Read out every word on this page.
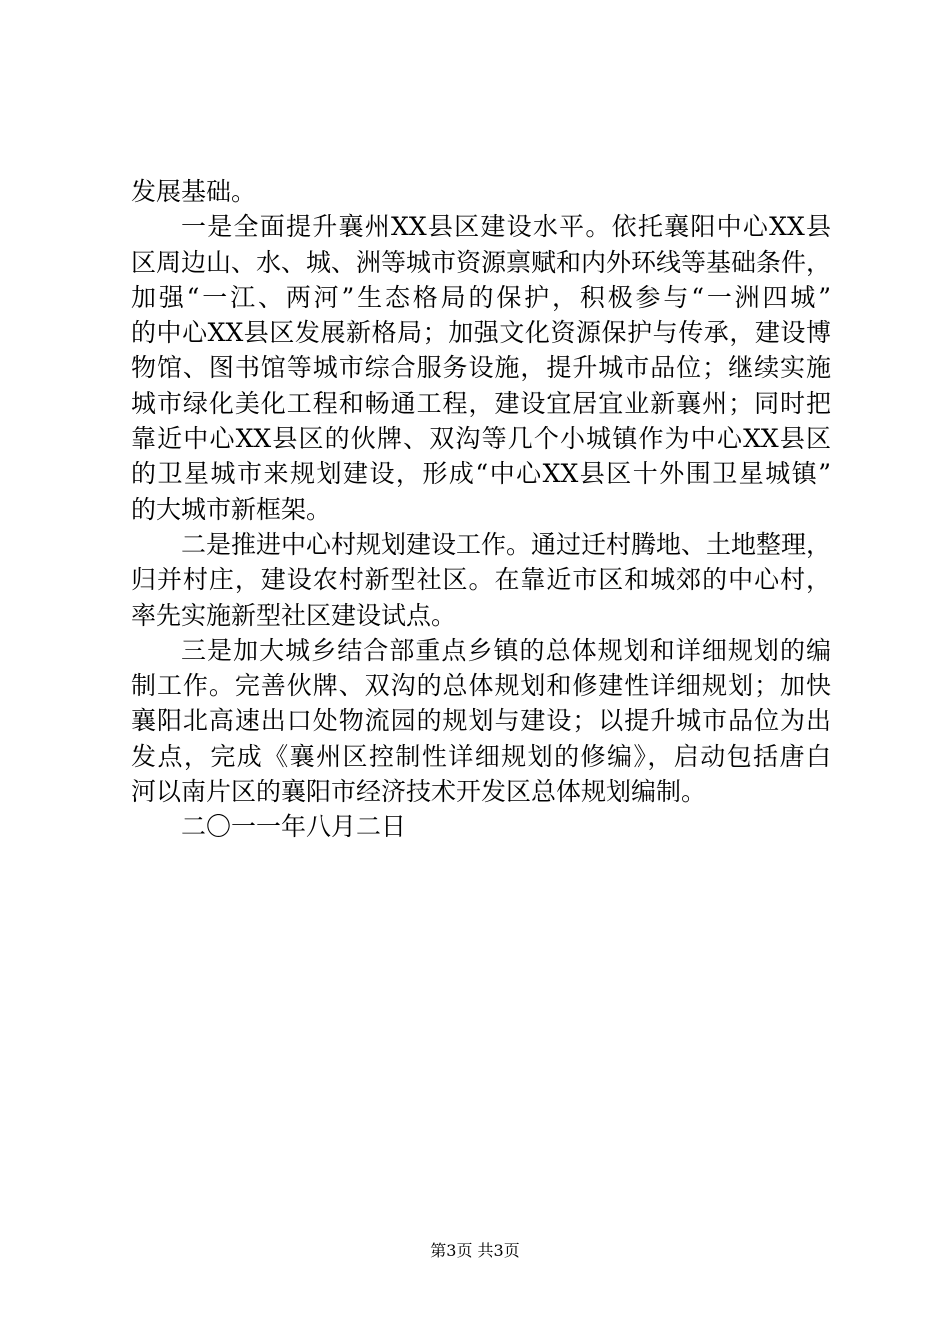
发展基础。
一是全面提升襄州XX县区建设水平。依托襄阳中心XX县
区周边山、水、城、洲等城市资源禀赋和内外环线等基础条件，
加强“一江、两河”生态格局的保护，积极参与“一洲四城”
的中心XX县区发展新格局；加强文化资源保护与传承，建设博
物馆、图书馆等城市综合服务设施，提升城市品位；继续实施
城市绿化美化工程和畅通工程，建设宜居宜业新襄州；同时把
靠近中心XX县区的伙牌、双沟等几个小城镇作为中心XX县区
的卫星城市来规划建设，形成“中心XX县区十外围卫星城镇”
的大城市新框架。
二是推进中心村规划建设工作。通过迁村腾地、土地整理，
归并村庄，建设农村新型社区。在靠近市区和城郊的中心村，
率先实施新型社区建设试点。
三是加大城乡结合部重点乡镇的总体规划和详细规划的编
制工作。完善伙牌、双沟的总体规划和修建性详细规划；加快
襄阳北高速出口处物流园的规划与建设；以提升城市品位为出
发点，完成《襄州区控制性详细规划的修编》，启动包括唐白
河以南片区的襄阳市经济技术开发区总体规划编制。
二〇一一年八月二日
第3页 共3页
